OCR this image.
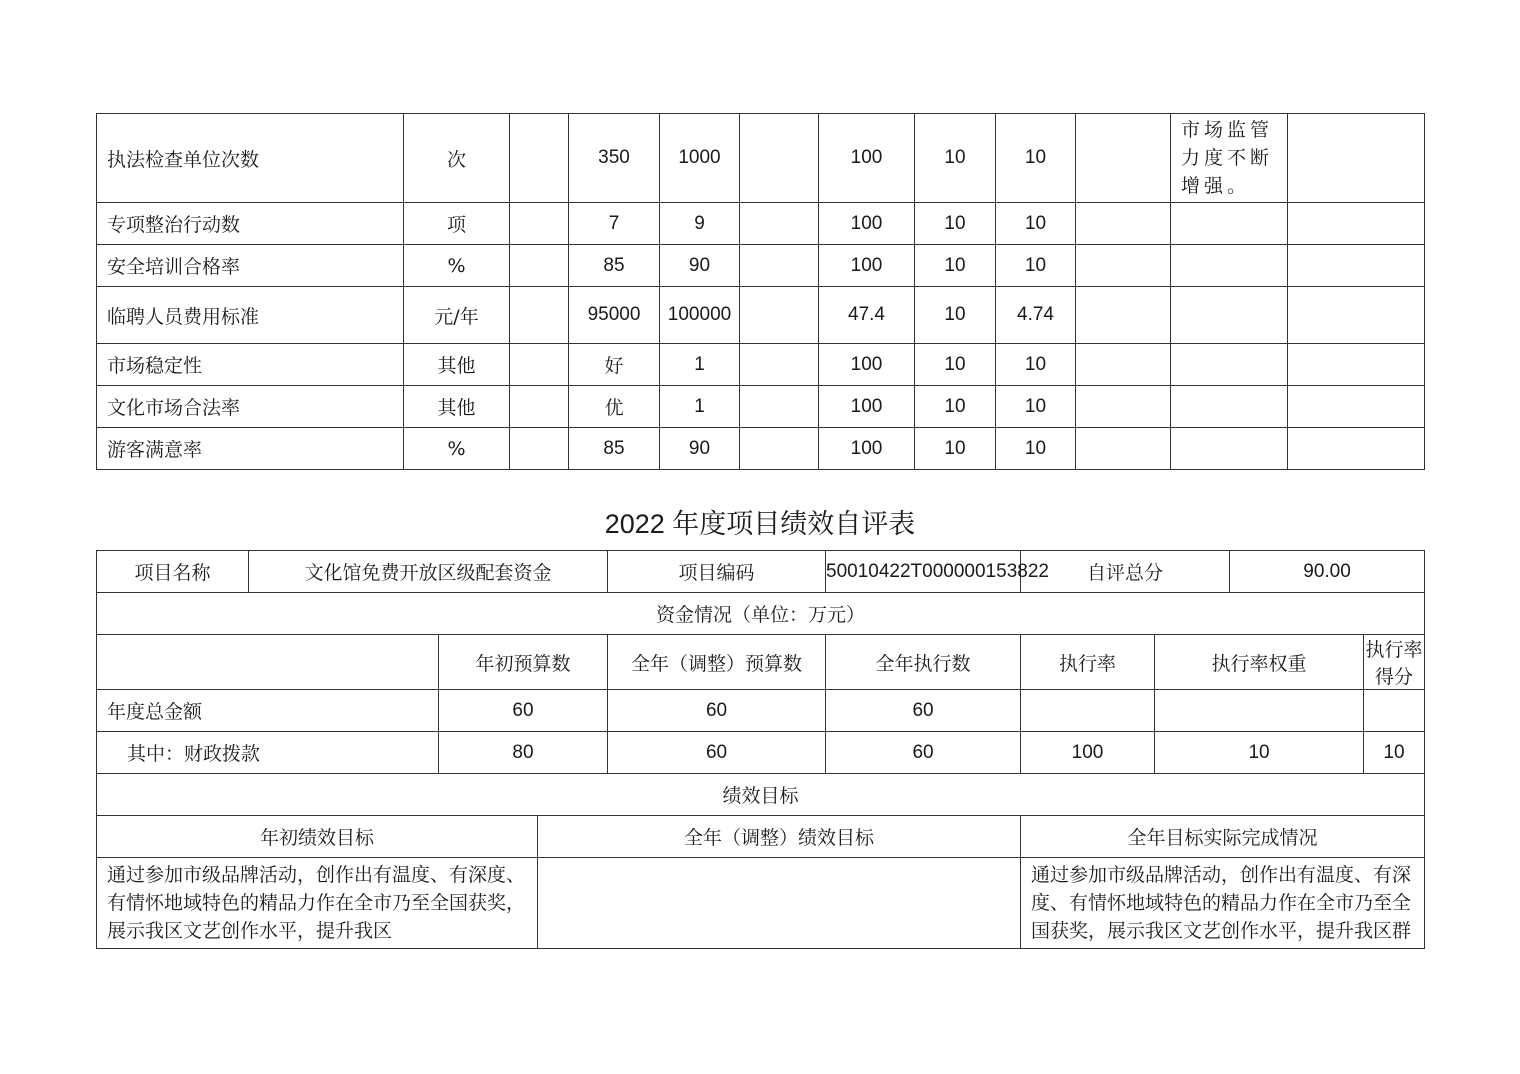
执法检查单位次数	次		350	1000		100	10	10		市场监管力度不断增强。	
专项整治行动数	项		7	9		100	10	10			
安全培训合格率	%		85	90		100	10	10			
临聘人员费用标准	元/年		95000	100000		47.4	10	4.74			
市场稳定性	其他		好	1		100	10	10			
文化市场合法率	其他		优	1		100	10	10			
游客满意率	%		85	90		100	10	10			
2022 年度项目绩效自评表
项目名称	文化馆免费开放区级配套资金			项目编码	50010422T000000153822	自评总分		90.00	
资金情况（单位：万元）									
		年初预算数		全年（调整）预算数	全年执行数	执行率	执行率权重		执行率得分
年度总金额		60		60	60				
其中：财政拨款		80		60	60	100	10		10
绩效目标									
年初绩效目标			全年（调整）绩效目标			全年目标实际完成情况			
通过参加市级品牌活动，创作出有温度、有深度、有情怀地域特色的精品力作在全市乃至全国获奖，展示我区文艺创作水平，提升我区						通过参加市级品牌活动，创作出有温度、有深度、有情怀地域特色的精品力作在全市乃至全国获奖，展示我区文艺创作水平，提升我区群			
